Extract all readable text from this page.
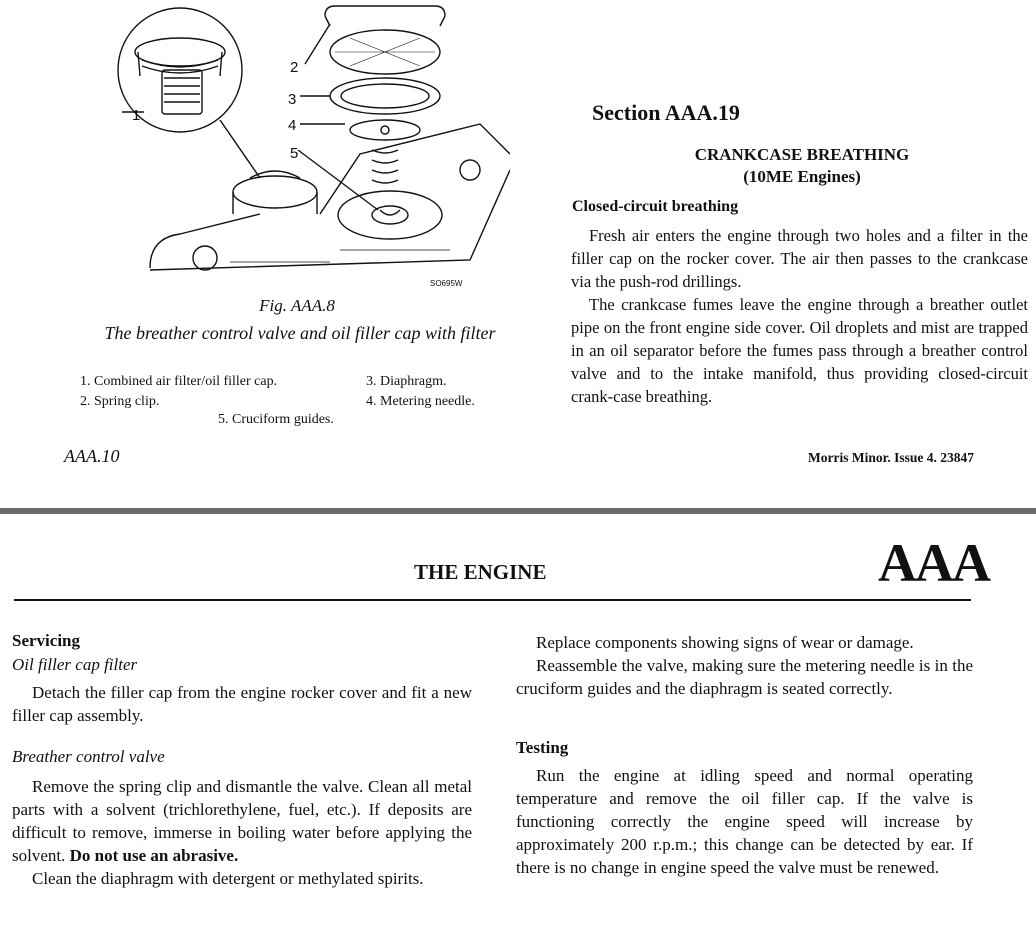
2
3
4
5
1
SO695W
Fig. AAA.8
The breather control valve and oil filler cap with filter
1. Combined air filter/oil filler cap.
2. Spring clip.
3. Diaphragm.
4. Metering needle.
5. Cruciform guides.
Section AAA.19
CRANKCASE BREATHING
(10ME Engines)
Closed-circuit breathing

Fresh air enters the engine through two holes and a filter in the filler cap on the rocker cover. The air then passes to the crankcase via the push-rod drillings.

The crankcase fumes leave the engine through a breather outlet pipe on the front engine side cover. Oil droplets and mist are trapped in an oil separator before the fumes pass through a breather control valve and to the intake manifold, thus providing closed-circuit crank-case breathing.

AAA.10	Morris Minor. Issue 4. 23847
THE ENGINE	AAA
Servicing
Oil filler cap filter

Detach the filler cap from the engine rocker cover and fit a new filler cap assembly.

Breather control valve

Remove the spring clip and dismantle the valve. Clean all metal parts with a solvent (trichlorethylene, fuel, etc.). If deposits are difficult to remove, immerse in boiling water before applying the solvent. Do not use an abrasive.

Clean the diaphragm with detergent or methylated spirits.

Replace components showing signs of wear or damage.

Reassemble the valve, making sure the metering needle is in the cruciform guides and the diaphragm is seated correctly.

Testing

Run the engine at idling speed and normal operating temperature and remove the oil filler cap. If the valve is functioning correctly the engine speed will increase by approximately 200 r.p.m.; this change can be detected by ear. If there is no change in engine speed the valve must be renewed.
